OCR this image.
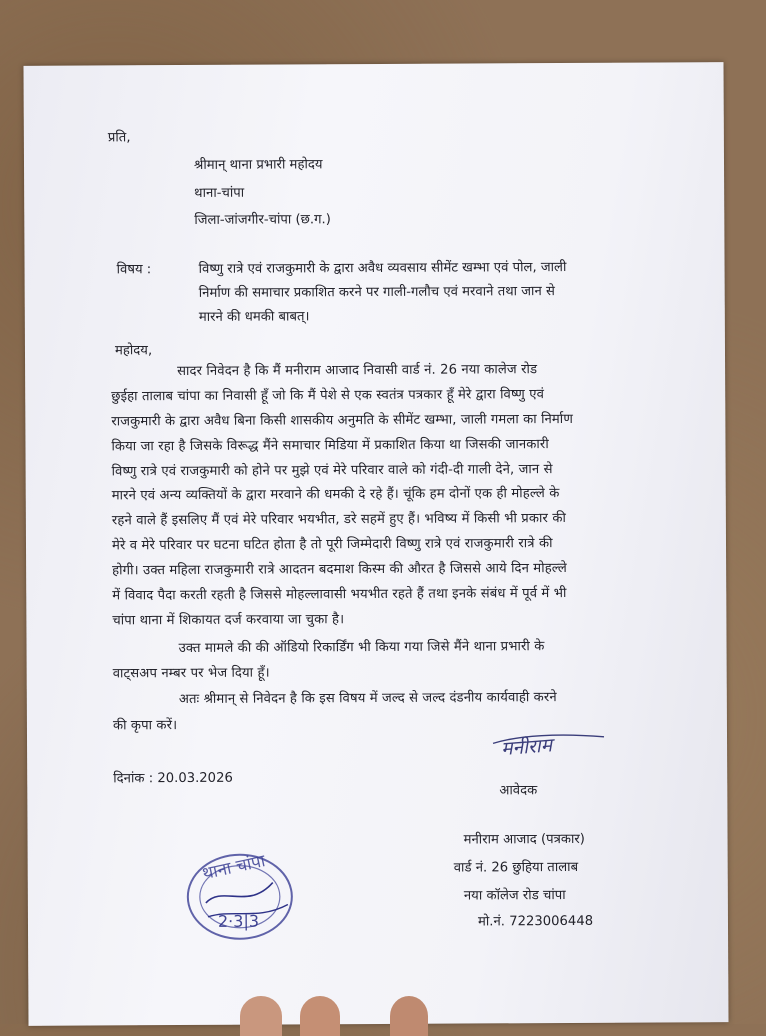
प्रति,
श्रीमान् थाना प्रभारी महोदय
थाना-चांपा
जिला-जांजगीर-चांपा (छ.ग.)
विषय :	विष्णु रात्रे एवं राजकुमारी के द्वारा अवैध व्यवसाय सीमेंट खम्भा एवं पोल, जाली
निर्माण की समाचार प्रकाशित करने पर गाली-गलौच एवं मरवाने तथा जान से
मारने की धमकी बाबत्।
महोदय,
सादर निवेदन है कि मैं मनीराम आजाद निवासी वार्ड नं. 26 नया कालेज रोड
छुईहा तालाब चांपा का निवासी हूँ जो कि मैं पेशे से एक स्वतंत्र पत्रकार हूँ मेरे द्वारा विष्णु एवं
राजकुमारी के द्वारा अवैध बिना किसी शासकीय अनुमति के सीमेंट खम्भा, जाली गमला का निर्माण
किया जा रहा है जिसके विरूद्ध मैंने समाचार मिडिया में प्रकाशित किया था जिसकी जानकारी
विष्णु रात्रे एवं राजकुमारी को होने पर मुझे एवं मेरे परिवार वाले को गंदी-दी गाली देने, जान से
मारने एवं अन्य व्यक्तियों के द्वारा मरवाने की धमकी दे रहे हैं। चूंकि हम दोनों एक ही मोहल्ले के
रहने वाले हैं इसलिए मैं एवं मेरे परिवार भयभीत, डरे सहमें हुए हैं। भविष्य में किसी भी प्रकार की
मेरे व मेरे परिवार पर घटना घटित होता है तो पूरी जिम्मेदारी विष्णु रात्रे एवं राजकुमारी रात्रे की
होगी। उक्त महिला राजकुमारी रात्रे आदतन बदमाश किस्म की औरत है जिससे आये दिन मोहल्ले
में विवाद पैदा करती रहती है जिससे मोहल्लावासी भयभीत रहते हैं तथा इनके संबंध में पूर्व में भी
चांपा थाना में शिकायत दर्ज करवाया जा चुका है।
उक्त मामले की की ऑडियो रिकार्डिंग भी किया गया जिसे मैंने थाना प्रभारी के
वाट्सअप नम्बर पर भेज दिया हूँ।
अतः श्रीमान् से निवेदन है कि इस विषय में जल्द से जल्द दंडनीय कार्यवाही करने
की कृपा करें।
दिनांक : 20.03.2026
मनीराम
आवेदक
मनीराम आजाद (पत्रकार)
वार्ड नं. 26 छुहिया तालाब
नया कॉलेज रोड चांपा
मो.नं. 7223006448
2·3|3
थाना चांपा
